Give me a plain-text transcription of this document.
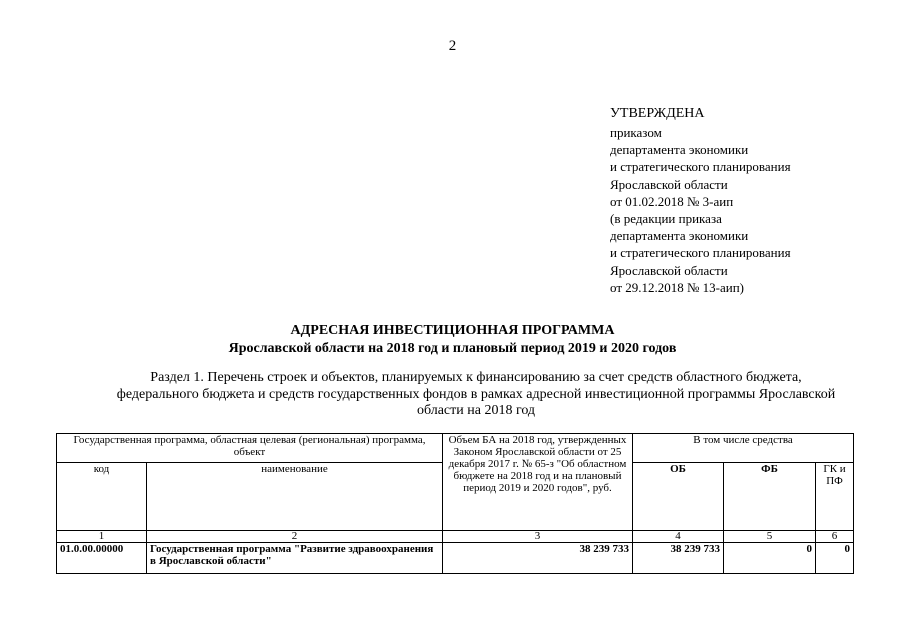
2
УТВЕРЖДЕНА
приказом
департамента экономики
и стратегического планирования
Ярославской области
от 01.02.2018 № 3-аип
(в редакции приказа
департамента экономики
и стратегического планирования
Ярославской области
от 29.12.2018 № 13-аип)
АДРЕСНАЯ ИНВЕСТИЦИОННАЯ ПРОГРАММА
Ярославской области на 2018 год и плановый период 2019 и 2020 годов
Раздел 1. Перечень строек и объектов, планируемых к финансированию за счет средств областного бюджета,
федерального бюджета и средств государственных фондов в рамках адресной инвестиционной программы Ярославской
области на 2018 год
Государственная программа, областная целевая (региональная) программа, объект		Объем БА на 2018 год, утвержденных Законом Ярославской области от 25 декабря 2017 г. № 65-з "Об областном бюджете на 2018 год и на плановый период 2019 и 2020 годов", руб.	В том числе средства		
код	наименование		ОБ	ФБ	ГК и ПФ
1	2	3	4	5	6
01.0.00.00000	Государственная программа "Развитие здравоохранения в Ярославской области"	38 239 733	38 239 733	0	0
